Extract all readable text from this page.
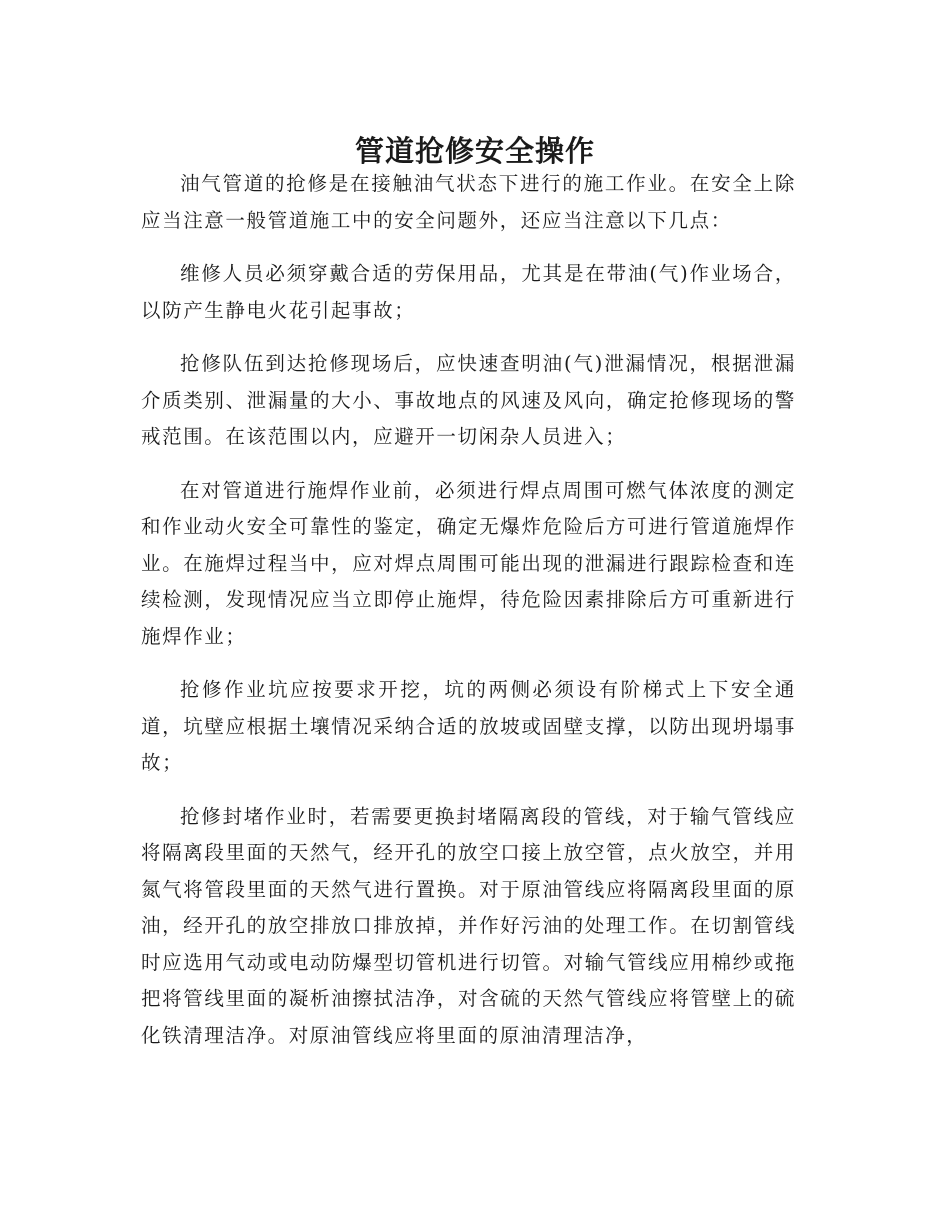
管道抢修安全操作

油气管道的抢修是在接触油气状态下进行的施工作业。在安全上除应当注意一般管道施工中的安全问题外，还应当注意以下几点：

维修人员必须穿戴合适的劳保用品，尤其是在带油(气)作业场合，以防产生静电火花引起事故；

抢修队伍到达抢修现场后，应快速查明油(气)泄漏情况，根据泄漏介质类别、泄漏量的大小、事故地点的风速及风向，确定抢修现场的警戒范围。在该范围以内，应避开一切闲杂人员进入；

在对管道进行施焊作业前，必须进行焊点周围可燃气体浓度的测定和作业动火安全可靠性的鉴定，确定无爆炸危险后方可进行管道施焊作业。在施焊过程当中，应对焊点周围可能出现的泄漏进行跟踪检查和连续检测，发现情况应当立即停止施焊，待危险因素排除后方可重新进行施焊作业；

抢修作业坑应按要求开挖，坑的两侧必须设有阶梯式上下安全通道，坑壁应根据土壤情况采纳合适的放坡或固壁支撑，以防出现坍塌事故；

抢修封堵作业时，若需要更换封堵隔离段的管线，对于输气管线应将隔离段里面的天然气，经开孔的放空口接上放空管，点火放空，并用氮气将管段里面的天然气进行置换。对于原油管线应将隔离段里面的原油，经开孔的放空排放口排放掉，并作好污油的处理工作。在切割管线时应选用气动或电动防爆型切管机进行切管。对输气管线应用棉纱或拖把将管线里面的凝析油擦拭洁净，对含硫的天然气管线应将管壁上的硫化铁清理洁净。对原油管线应将里面的原油清理洁净，
